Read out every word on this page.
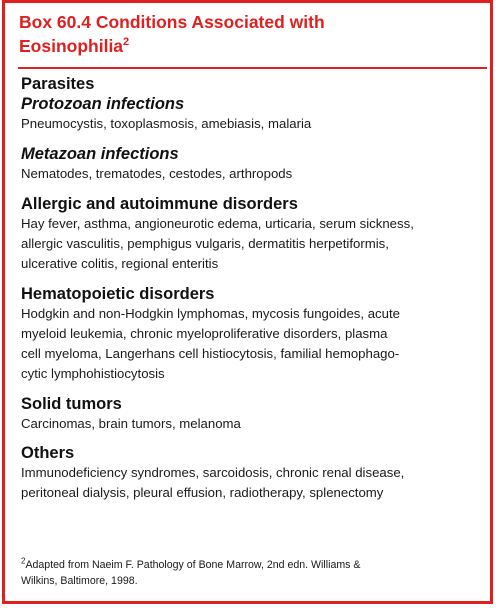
Box 60.4 Conditions Associated with
Eosinophilia$^2$

Parasites

Protozoan infections

Pneumocystis, toxoplasmosis, amebiasis, malaria

Metazoan infections

Nematodes, trematodes, cestodes, arthropods

Allergic and autoimmune disorders

Hay fever, asthma, angioneurotic edema, urticaria, serum sickness,

allergic vasculitis, pemphigus vulgaris, dermatitis herpetiformis,

ulcerative colitis, regional enteritis

Hematopoietic disorders

Hodgkin and non-Hodgkin lymphomas, mycosis fungoides, acute

myeloid leukemia, chronic myeloproliferative disorders, plasma

cell myeloma, Langerhans cell histiocytosis, familial hemophago-

cytic lymphohistiocytosis

Solid tumors

Carcinomas, brain tumors, melanoma

Others

Immunodeficiency syndromes, sarcoidosis, chronic renal disease,

peritoneal dialysis, pleural effusion, radiotherapy, splenectomy

$^2$Adapted from Naeim F. Pathology of Bone Marrow, 2nd edn. Williams &
Wilkins, Baltimore, 1998.
